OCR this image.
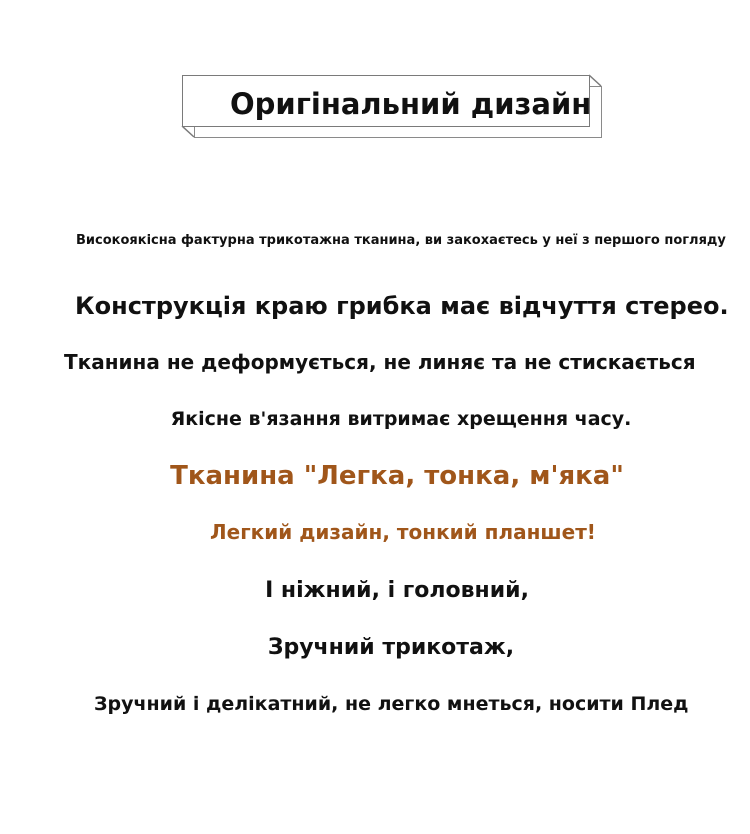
Оригінальний дизайн
Високоякісна фактурна трикотажна тканина, ви закохаєтесь у неї з першого погляду
Конструкція краю грибка має відчуття стерео.
Тканина не деформується, не линяє та не стискається
Якісне в'язання витримає хрещення часу.
Тканина "Легка, тонка, м'яка"
Легкий дизайн, тонкий планшет!
І ніжний, і головний,
Зручний трикотаж,
Зручний і делікатний, не легко мнеться, носити Плед
